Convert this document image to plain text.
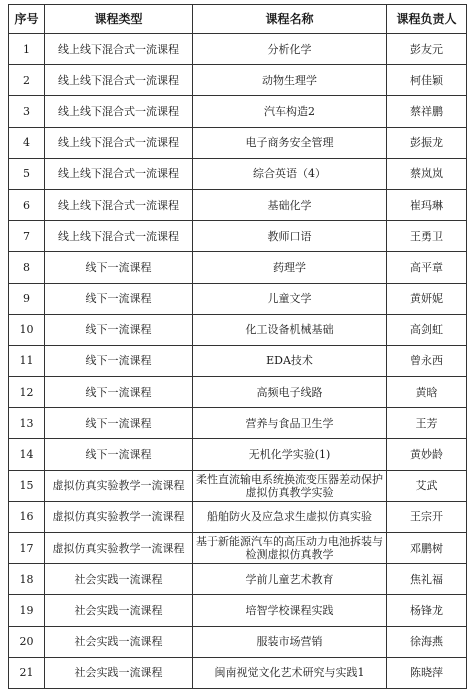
序号	课程类型	课程名称	课程负责人
1	线上线下混合式一流课程	分析化学	彭友元
2	线上线下混合式一流课程	动物生理学	柯佳颖
3	线上线下混合式一流课程	汽车构造2	蔡祥鹏
4	线上线下混合式一流课程	电子商务安全管理	彭振龙
5	线上线下混合式一流课程	综合英语（4）	蔡岚岚
6	线上线下混合式一流课程	基础化学	崔玛琳
7	线上线下混合式一流课程	教师口语	王勇卫
8	线下一流课程	药理学	高平章
9	线下一流课程	儿童文学	黄妍妮
10	线下一流课程	化工设备机械基础	高剑虹
11	线下一流课程	EDA技术	曾永西
12	线下一流课程	高频电子线路	黄晗
13	线下一流课程	营养与食品卫生学	王芳
14	线下一流课程	无机化学实验(1)	黄妙龄
15	虚拟仿真实验教学一流课程	柔性直流输电系统换流变压器差动保护虚拟仿真教学实验	艾武
16	虚拟仿真实验教学一流课程	船舶防火及应急求生虚拟仿真实验	王宗开
17	虚拟仿真实验教学一流课程	基于新能源汽车的高压动力电池拆装与检测虚拟仿真教学	邓鹏树
18	社会实践一流课程	学前儿童艺术教育	焦礼福
19	社会实践一流课程	培智学校课程实践	杨锋龙
20	社会实践一流课程	服装市场营销	徐海燕
21	社会实践一流课程	闽南视觉文化艺术研究与实践1	陈晓萍
